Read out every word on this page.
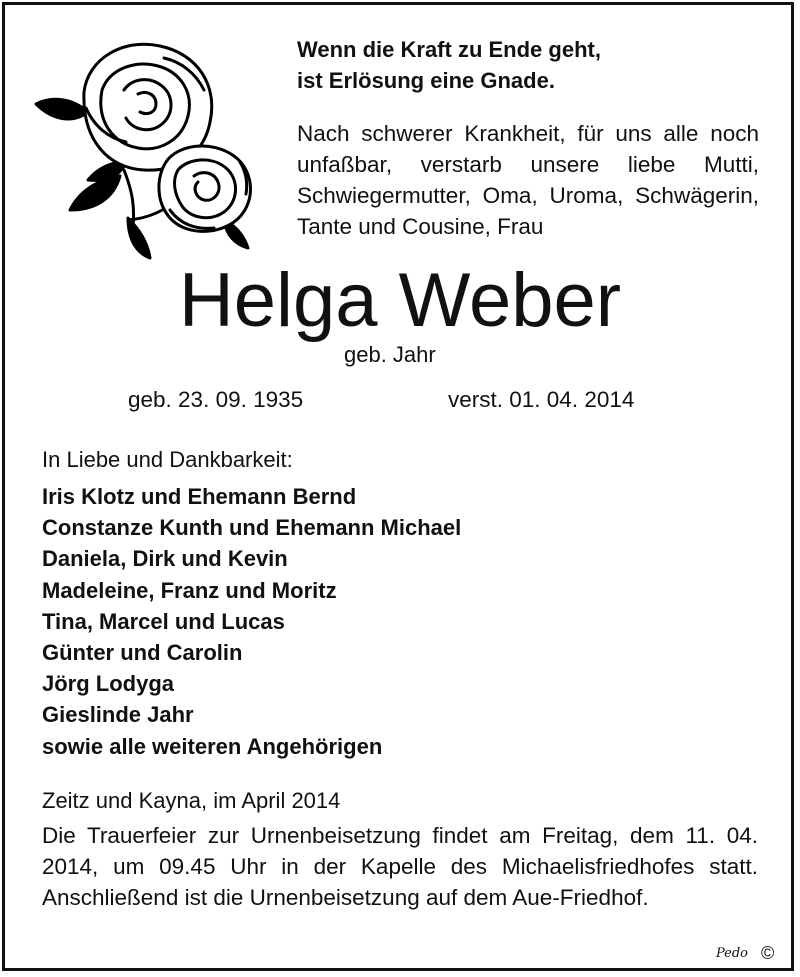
Wenn die Kraft zu Ende geht,
ist Erlösung eine Gnade.
Nach schwerer Krankheit, für uns alle noch unfaßbar, verstarb unsere liebe Mutti, Schwiegermutter, Oma, Uroma, Schwägerin, Tante und Cousine, Frau
Helga Weber
geb. Jahr
geb. 23. 09. 1935	verst. 01. 04. 2014
In Liebe und Dankbarkeit:
Iris Klotz und Ehemann Bernd
Constanze Kunth und Ehemann Michael
Daniela, Dirk und Kevin
Madeleine, Franz und Moritz
Tina, Marcel und Lucas
Günter und Carolin
Jörg Lodyga
Gieslinde Jahr
sowie alle weiteren Angehörigen
Zeitz und Kayna, im April 2014
Die Trauerfeier zur Urnenbeisetzung findet am Freitag, dem 11. 04. 2014, um 09.45 Uhr in der Kapelle des Michaelisfriedhofes statt. Anschließend ist die Urnenbeisetzung auf dem Aue-Friedhof.
Pedo ©
